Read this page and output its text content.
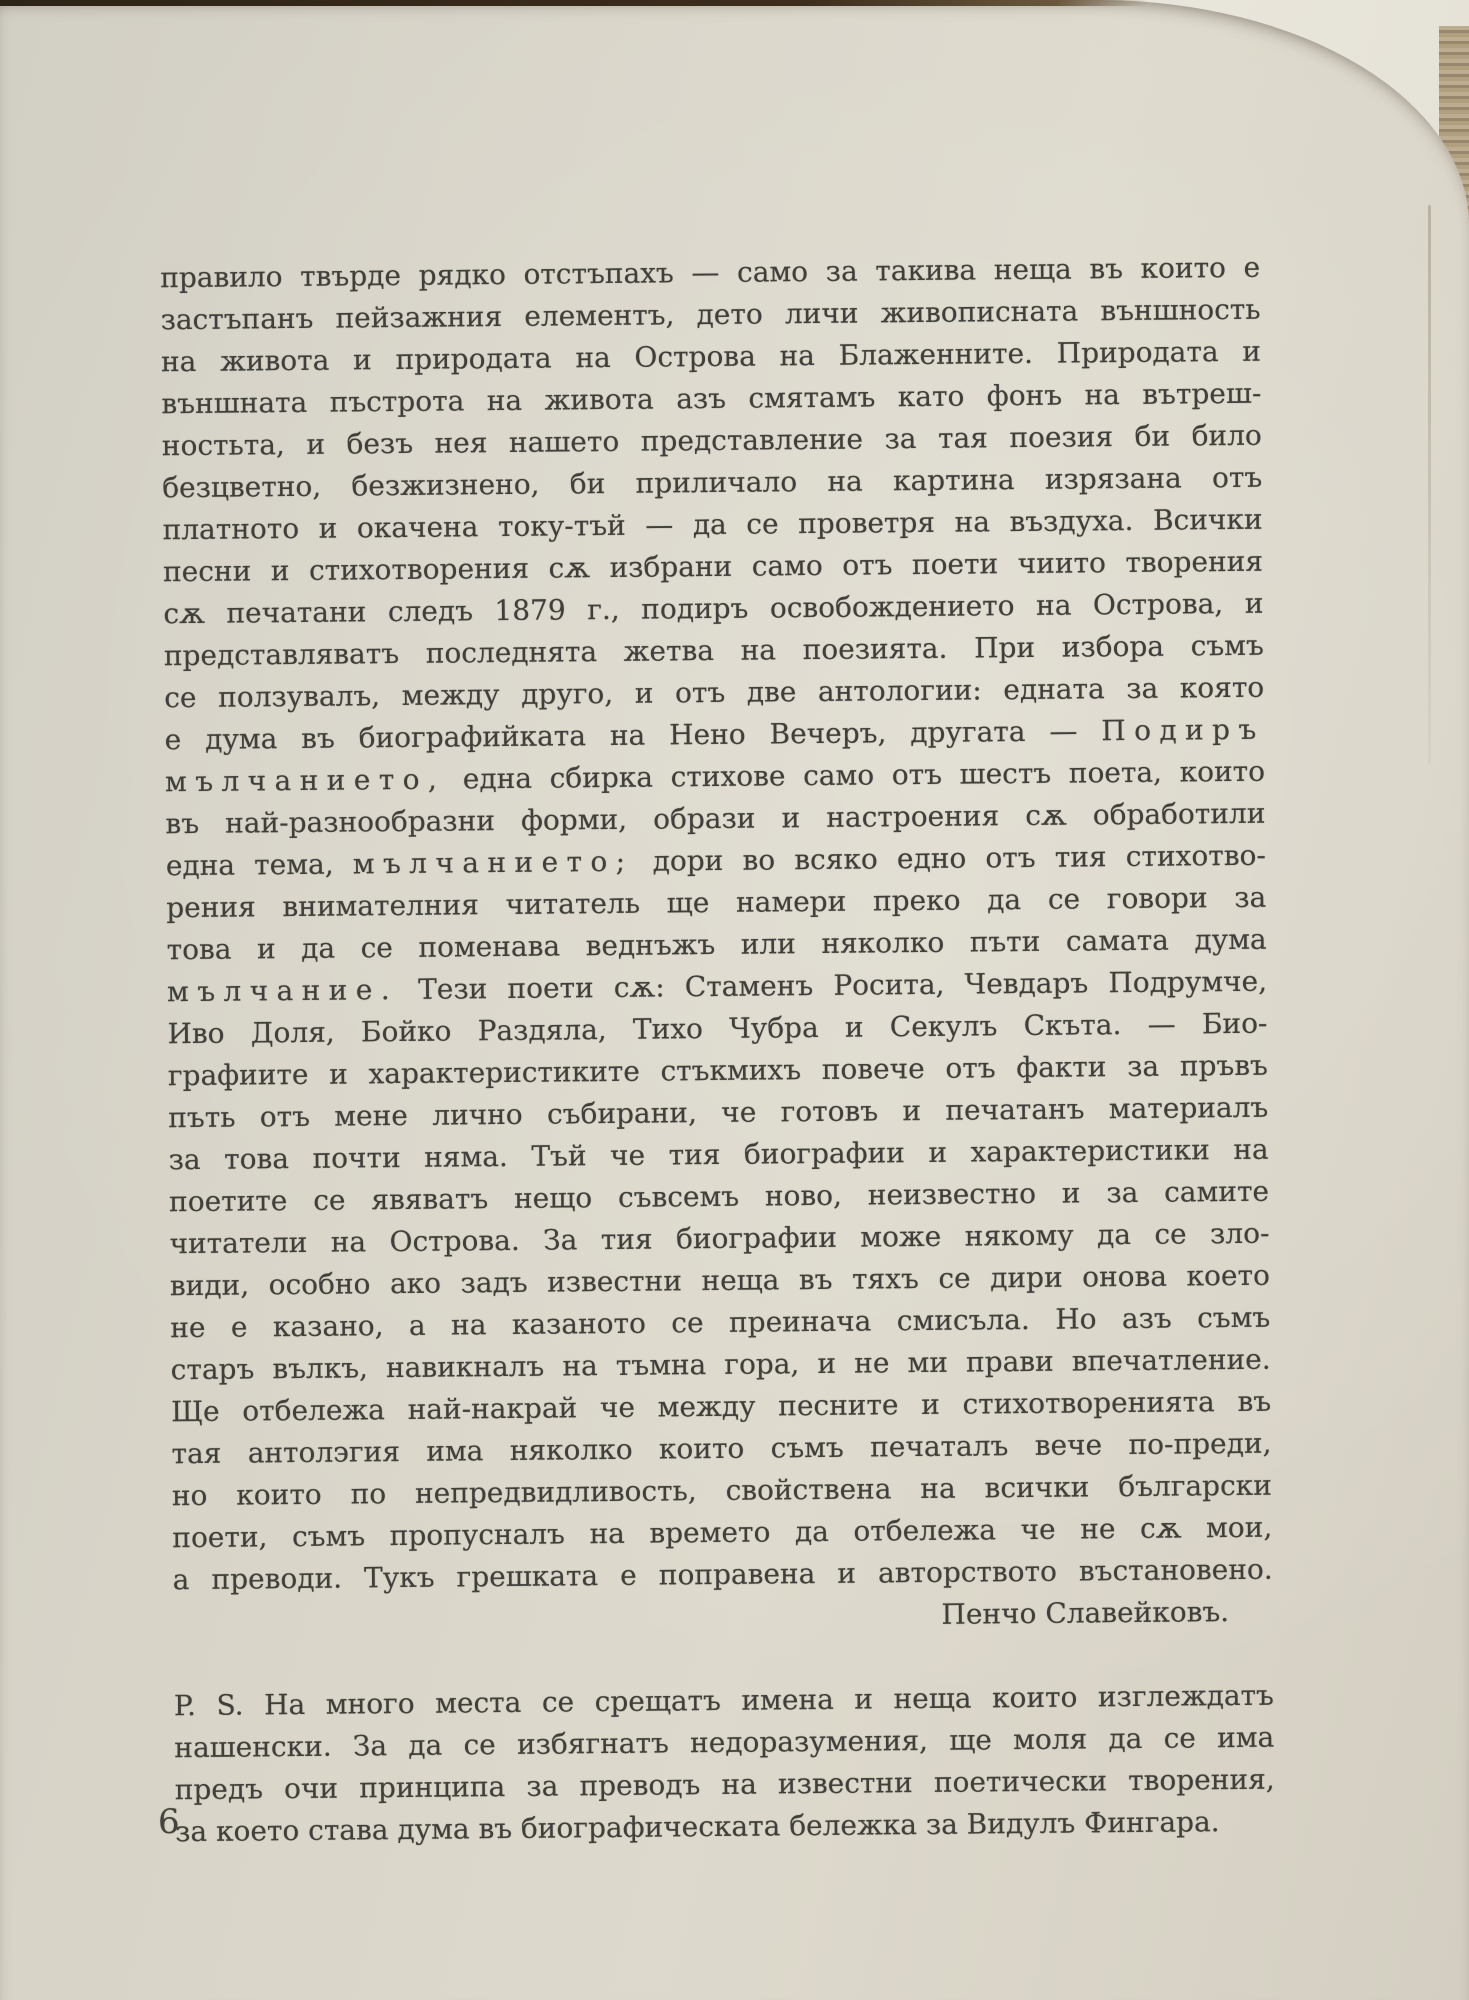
правило твърде рядко отстъпахъ — само за такива неща въ които е
застъпанъ пейзажния елементъ, дето личи живописната външность
на живота и природата на Острова на Блаженните. Природата и
външната пъстрота на живота азъ смятамъ като фонъ на вътреш-
ностьта, и безъ нея нашето представление за тая поезия би било
безцветно, безжизнено, би приличало на картина изрязана отъ
платното и окачена току-тъй — да се проветря на въздуха. Всички
песни и стихотворения сѫ избрани само отъ поети чиито творения
сѫ печатани следъ 1879 г., подиръ освобождението на Острова, и
представляватъ последнята жетва на поезията. При избора съмъ
се ползувалъ, между друго, и отъ две антологии: едната за която
е дума въ биографийката на Нено Вечеръ, другата — Подиръ
мълчанието, една сбирка стихове само отъ шестъ поета, които
въ най-разнообразни форми, образи и настроения сѫ обработили
една тема, мълчанието; дори во всяко едно отъ тия стихотво-
рения внимателния читатель ще намери преко да се говори за
това и да се поменава веднъжъ или няколко пъти самата дума
мълчание. Тези поети сѫ: Стаменъ Росита, Чевдаръ Подрумче,
Иво Доля, Бойко Раздяла, Тихо Чубра и Секулъ Скъта. — Био-
графиите и характеристиките стъкмихъ повече отъ факти за пръвъ
пъть отъ мене лично събирани, че готовъ и печатанъ материалъ
за това почти няма. Тъй че тия биографии и характеристики на
поетите се явяватъ нещо съвсемъ ново, неизвестно и за самите
читатели на Острова. За тия биографии може някому да се зло-
види, особно ако задъ известни неща въ тяхъ се дири онова което
не е казано, а на казаното се преинача смисъла. Но азъ съмъ
старъ вълкъ, навикналъ на тъмна гора, и не ми прави впечатление.
Ще отбележа най-накрай че между песните и стихотворенията въ
тая антолэгия има няколко които съмъ печаталъ вече по-преди,
но които по непредвидливость, свойствена на всички български
поети, съмъ пропусналъ на времето да отбележа че не сѫ мои,
а преводи. Тукъ грешката е поправена и авторството въстановено.
Пенчо Славейковъ.
P. S. На много места се срещатъ имена и неща които изглеждатъ
нашенски. За да се избягнатъ недоразумения, ще моля да се има
предъ очи принципа за преводъ на известни поетически творения,
за което става дума въ биографическата бележка за Видулъ Фингара.
6
